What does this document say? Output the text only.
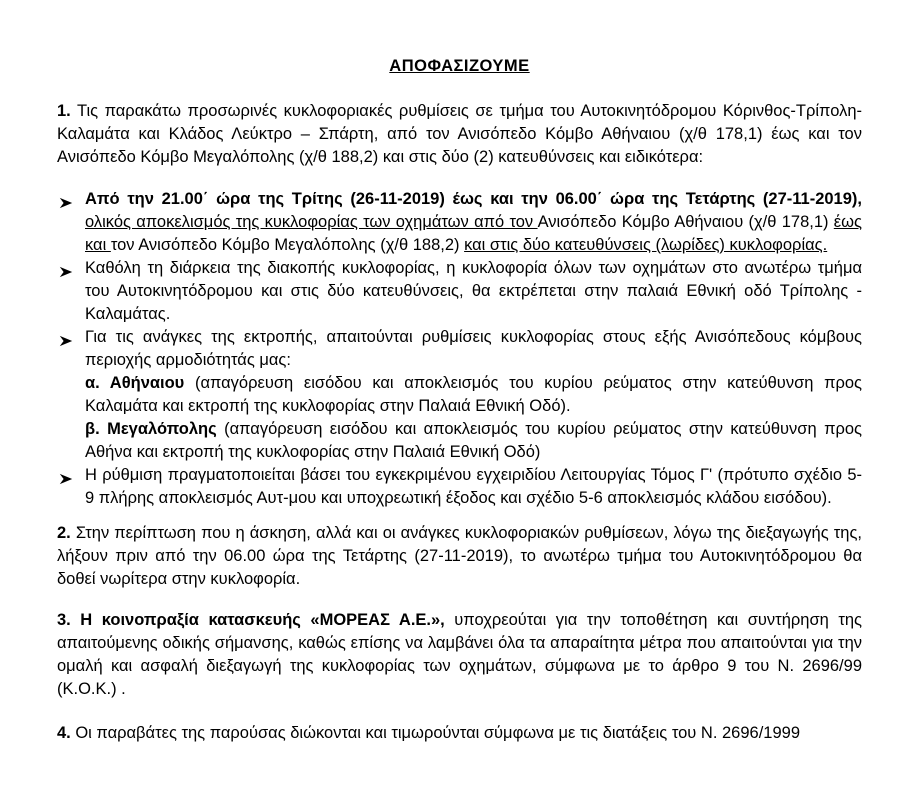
ΑΠΟΦΑΣΙΖΟΥΜΕ
1. Τις παρακάτω προσωρινές κυκλοφοριακές ρυθμίσεις σε τμήμα του Αυτοκινητόδρομου Κόρινθος-Τρίπολη-Καλαμάτα και Κλάδος Λεύκτρο – Σπάρτη, από τον Ανισόπεδο Κόμβο Αθήναιου (χ/θ 178,1) έως και τον Ανισόπεδο Κόμβο Μεγαλόπολης (χ/θ 188,2) και στις δύο (2) κατευθύνσεις και ειδικότερα:
Από την 21.00΄ ώρα της Τρίτης (26-11-2019) έως και την 06.00΄ ώρα της Τετάρτης (27-11-2019), ολικός αποκελισμός της κυκλοφορίας των οχημάτων από τον Ανισόπεδο Κόμβο Αθήναιου (χ/θ 178,1) έως και τον Ανισόπεδο Κόμβο Μεγαλόπολης (χ/θ 188,2) και στις δύο κατευθύνσεις (λωρίδες) κυκλοφορίας.
Καθόλη τη διάρκεια της διακοπής κυκλοφορίας, η κυκλοφορία όλων των οχημάτων στο ανωτέρω τμήμα του Αυτοκινητόδρομου και στις δύο κατευθύνσεις, θα εκτρέπεται στην παλαιά Εθνική οδό Τρίπολης - Καλαμάτας.
Για τις ανάγκες της εκτροπής, απαιτούνται ρυθμίσεις κυκλοφορίας στους εξής Ανισόπεδους κόμβους περιοχής αρμοδιότητάς μας:
α. Αθήναιου (απαγόρευση εισόδου και αποκλεισμός του κυρίου ρεύματος στην κατεύθυνση προς Καλαμάτα και εκτροπή της κυκλοφορίας στην Παλαιά Εθνική Οδό).
β. Μεγαλόπολης (απαγόρευση εισόδου και αποκλεισμός του κυρίου ρεύματος στην κατεύθυνση προς Αθήνα και εκτροπή της κυκλοφορίας στην Παλαιά Εθνική Οδό)
Η ρύθμιση πραγματοποιείται βάσει του εγκεκριμένου εγχειριδίου Λειτουργίας Τόμος Γ' (πρότυπο σχέδιο 5-9 πλήρης αποκλεισμός Αυτ-μου και υποχρεωτική έξοδος και σχέδιο 5-6 αποκλεισμός κλάδου εισόδου).
2. Στην περίπτωση που η άσκηση, αλλά και οι ανάγκες κυκλοφοριακών ρυθμίσεων, λόγω της διεξαγωγής της, λήξουν πριν από την 06.00 ώρα της Τετάρτης (27-11-2019), το ανωτέρω τμήμα του Αυτοκινητόδρομου θα δοθεί νωρίτερα στην κυκλοφορία.
3. Η κοινοπραξία κατασκευής «ΜΟΡΕΑΣ Α.Ε.», υποχρεούται για την τοποθέτηση και συντήρηση της απαιτούμενης οδικής σήμανσης, καθώς επίσης να λαμβάνει όλα τα απαραίτητα μέτρα που απαιτούνται για την ομαλή και ασφαλή διεξαγωγή της κυκλοφορίας των οχημάτων, σύμφωνα με το άρθρο 9 του Ν. 2696/99 (Κ.Ο.Κ.) .
4. Οι παραβάτες της παρούσας διώκονται και τιμωρούνται σύμφωνα με τις διατάξεις του Ν. 2696/1999
